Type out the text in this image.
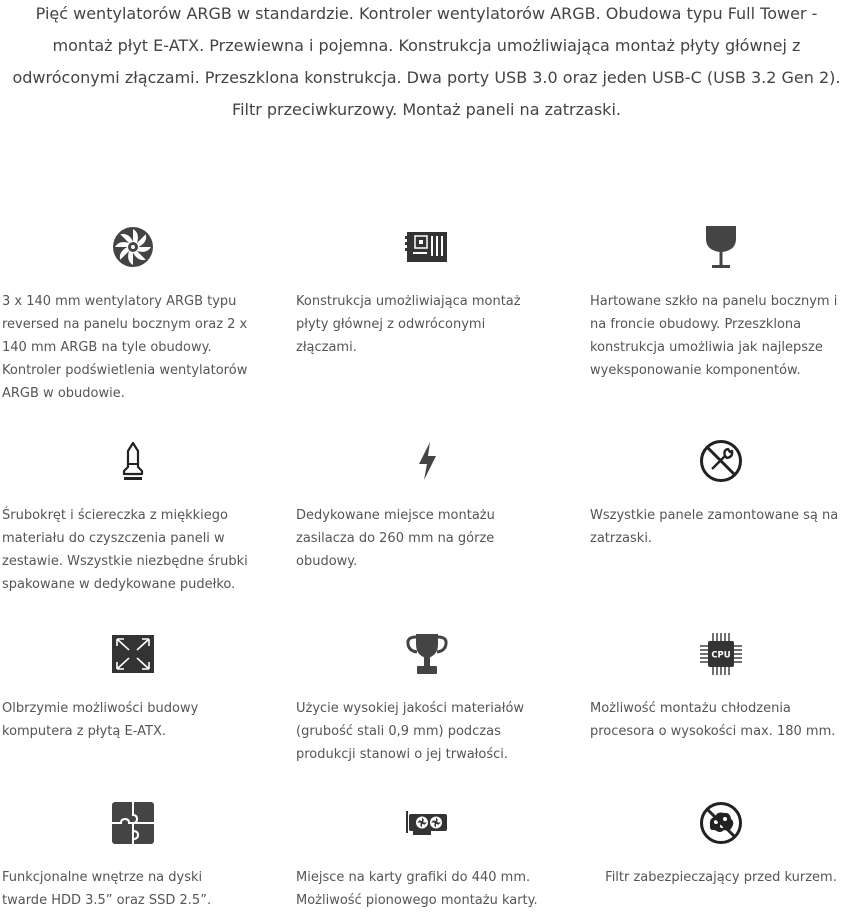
Pięć wentylatorów ARGB w standardzie. Kontroler wentylatorów ARGB. Obudowa typu Full Tower -
montaż płyt E-ATX. Przewiewna i pojemna. Konstrukcja umożliwiająca montaż płyty głównej z
odwróconymi złączami. Przeszklona konstrukcja. Dwa porty USB 3.0 oraz jeden USB-C (USB 3.2 Gen 2).
Filtr przeciwkurzowy. Montaż paneli na zatrzaski.

3 x 140 mm wentylatory ARGB typu
reversed na panelu bocznym oraz 2 x
140 mm ARGB na tyle obudowy.
Kontroler podświetlenia wentylatorów
ARGB w obudowie.

Konstrukcja umożliwiająca montaż
płyty głównej z odwróconymi
złączami.

Hartowane szkło na panelu bocznym i
na froncie obudowy. Przeszklona
konstrukcja umożliwia jak najlepsze
wyeksponowanie komponentów.

Śrubokręt i ściereczka z miękkiego
materiału do czyszczenia paneli w
zestawie. Wszystkie niezbędne śrubki
spakowane w dedykowane pudełko.

Dedykowane miejsce montażu
zasilacza do 260 mm na górze
obudowy.

Wszystkie panele zamontowane są na
zatrzaski.

Olbrzymie możliwości budowy
komputera z płytą E-ATX.

Użycie wysokiej jakości materiałów
(grubość stali 0,9 mm) podczas
produkcji stanowi o jej trwałości.

CPU

Możliwość montażu chłodzenia
procesora o wysokości max. 180 mm.

Funkcjonalne wnętrze na dyski
twarde HDD 3.5” oraz SSD 2.5”.

Miejsce na karty grafiki do 440 mm.
Możliwość pionowego montażu karty.

Filtr zabezpieczający przed kurzem.
